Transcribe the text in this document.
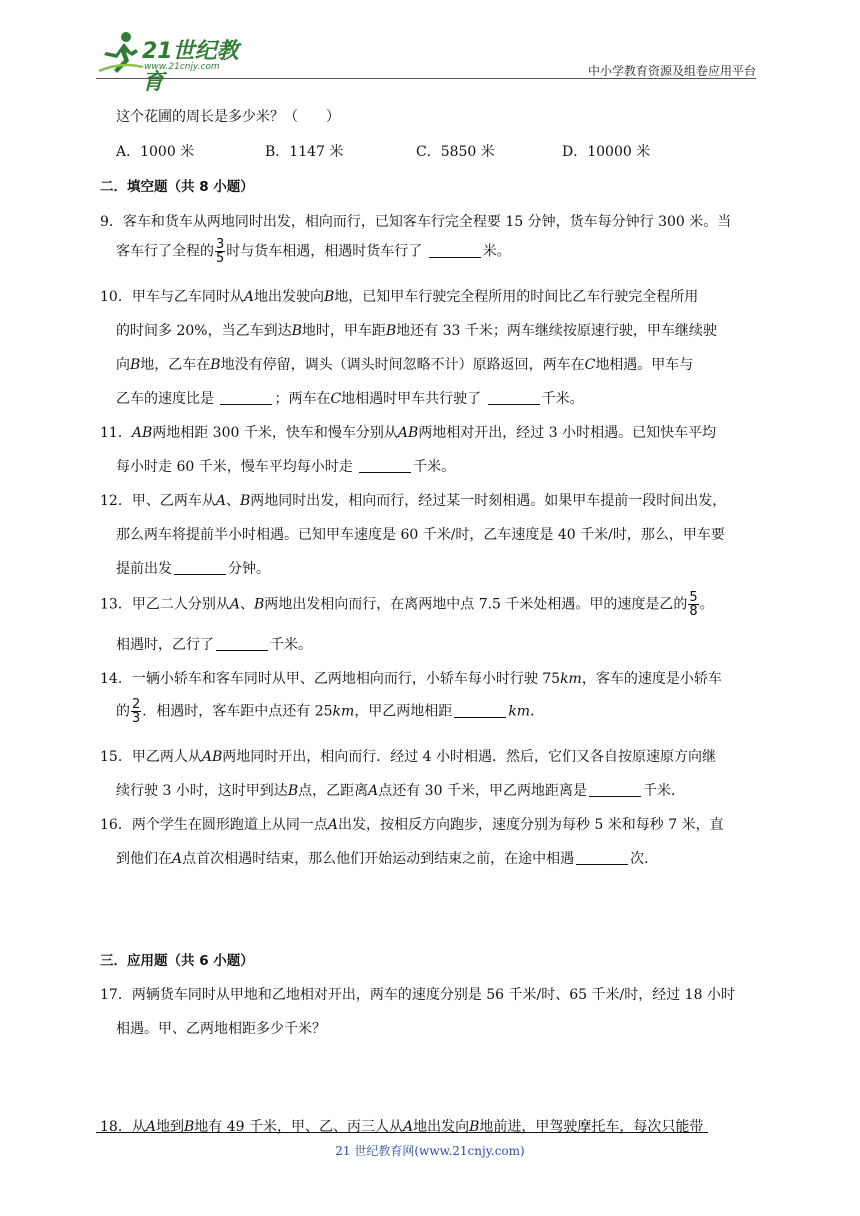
21世纪教育
www.21cnjy.com	中小学教育资源及组卷应用平台
这个花圃的周长是多少米？（　　）
A．1000 米	B．1147 米	C．5850 米	D．10000 米
二．填空题（共 8 小题）
9．客车和货车从两地同时出发，相向而行，已知客车行完全程要 15 分钟，货车每分钟行 300 米。当
客车行了全程的 $\frac{3}{5}$ 时与货车相遇，相遇时货车行了	米。
10．甲车与乙车同时从A地出发驶向B地，已知甲车行驶完全程所用的时间比乙车行驶完全程所用
的时间多 20%，当乙车到达B地时，甲车距B地还有 33 千米；两车继续按原速行驶，甲车继续驶
向B地，乙车在B地没有停留，调头（调头时间忽略不计）原路返回，两车在C地相遇。甲车与
乙车的速度比是	；两车在C地相遇时甲车共行驶了	千米。
11．AB两地相距 300 千米，快车和慢车分别从AB两地相对开出，经过 3 小时相遇。已知快车平均
每小时走 60 千米，慢车平均每小时走	千米。
12．甲、乙两车从A、B两地同时出发，相向而行，经过某一时刻相遇。如果甲车提前一段时间出发，
那么两车将提前半小时相遇。已知甲车速度是 60 千米/时，乙车速度是 40 千米/时，那么，甲车要
提前出发	分钟。
13．甲乙二人分别从A、B两地出发相向而行，在离两地中点 7.5 千米处相遇。甲的速度是乙的 $\frac{5}{8}$ 。
相遇时，乙行了	千米。
14．一辆小轿车和客车同时从甲、乙两地相向而行，小轿车每小时行驶 75km，客车的速度是小轿车
的 $\frac{2}{3}$ ．相遇时，客车距中点还有 25km，甲乙两地相距	km．
15．甲乙两人从AB两地同时开出，相向而行．经过 4 小时相遇．然后，它们又各自按原速原方向继
续行驶 3 小时，这时甲到达B点，乙距离A点还有 30 千米，甲乙两地距离是	千米．
16．两个学生在圆形跑道上从同一点A出发，按相反方向跑步，速度分别为每秒 5 米和每秒 7 米，直
到他们在A点首次相遇时结束，那么他们开始运动到结束之前，在途中相遇	次．
三．应用题（共 6 小题）
17．两辆货车同时从甲地和乙地相对开出，两车的速度分别是 56 千米/时、65 千米/时，经过 18 小时
相遇。甲、乙两地相距多少千米？
18．从A地到B地有 49 千米，甲、乙、丙三人从A地出发向B地前进，甲驾驶摩托车，每次只能带
21 世纪教育网(www.21cnjy.com)
